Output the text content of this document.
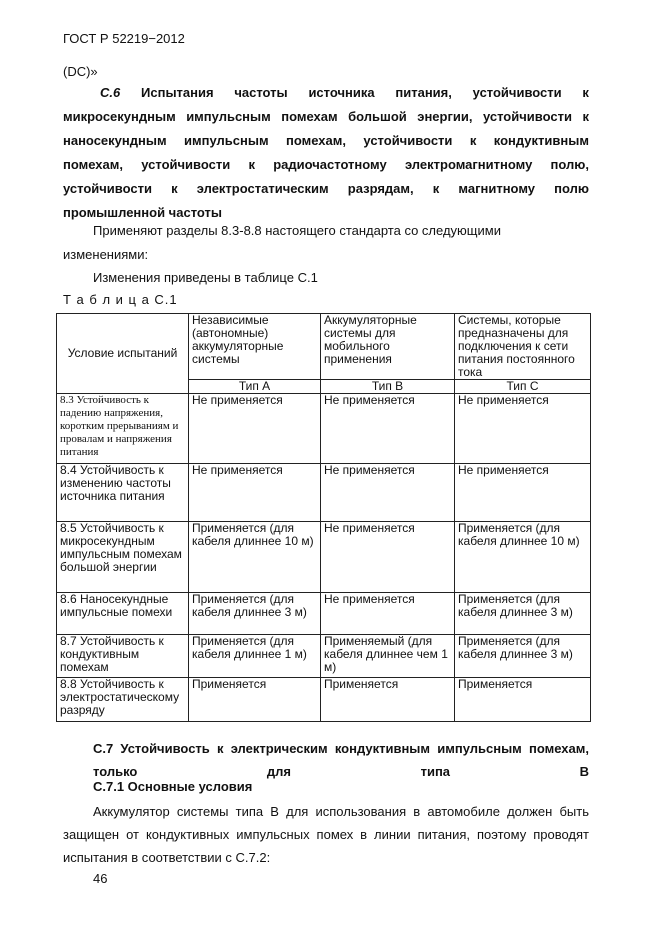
ГОСТ Р 52219−2012
(DC)»
С.6 Испытания частоты источника питания, устойчивости к
микросекундным импульсным помехам большой энергии, устойчивости к
наносекундным импульсным помехам, устойчивости к кондуктивным
помехам, устойчивости к радиочастотному электромагнитному полю,
устойчивости к электростатическим разрядам, к магнитному полю
промышленной частоты
Применяют разделы 8.3-8.8 настоящего стандарта со следующими
изменениями:
Изменения приведены в таблице С.1
Т а б л и ц а С.1
Условие испытаний	Независимые (автономные) аккумуляторные системы	Аккумуляторные системы для мобильного применения	Системы, которые предназначены для подключения к сети питания постоянного тока
	Тип А	Тип В	Тип С
8.3 Устойчивость к падению напряжения, коротким прерываниям и провалам и напряжения питания	Не применяется	Не применяется	Не применяется
8.4 Устойчивость к изменению частоты источника питания	Не применяется	Не применяется	Не применяется
8.5 Устойчивость к микросекундным импульсным помехам большой энергии	Применяется (для кабеля длиннее 10 м)	Не применяется	Применяется (для кабеля длиннее 10 м)
8.6 Наносекундные импульсные помехи	Применяется (для кабеля длиннее 3 м)	Не применяется	Применяется (для кабеля длиннее 3 м)
8.7 Устойчивость к кондуктивным помехам	Применяется (для кабеля длиннее 1 м)	Применяемый (для кабеля длиннее чем 1 м)	Применяется (для кабеля длиннее 3 м)
8.8 Устойчивость к электростатическому разряду	Применяется	Применяется	Применяется
С.7 Устойчивость к электрическим кондуктивным импульсным помехам, только для типа В
С.7.1 Основные условия
Аккумулятор системы типа В для использования в автомобиле должен быть защищен от кондуктивных импульсных помех в линии питания, поэтому проводят испытания в соответствии с С.7.2:
46
